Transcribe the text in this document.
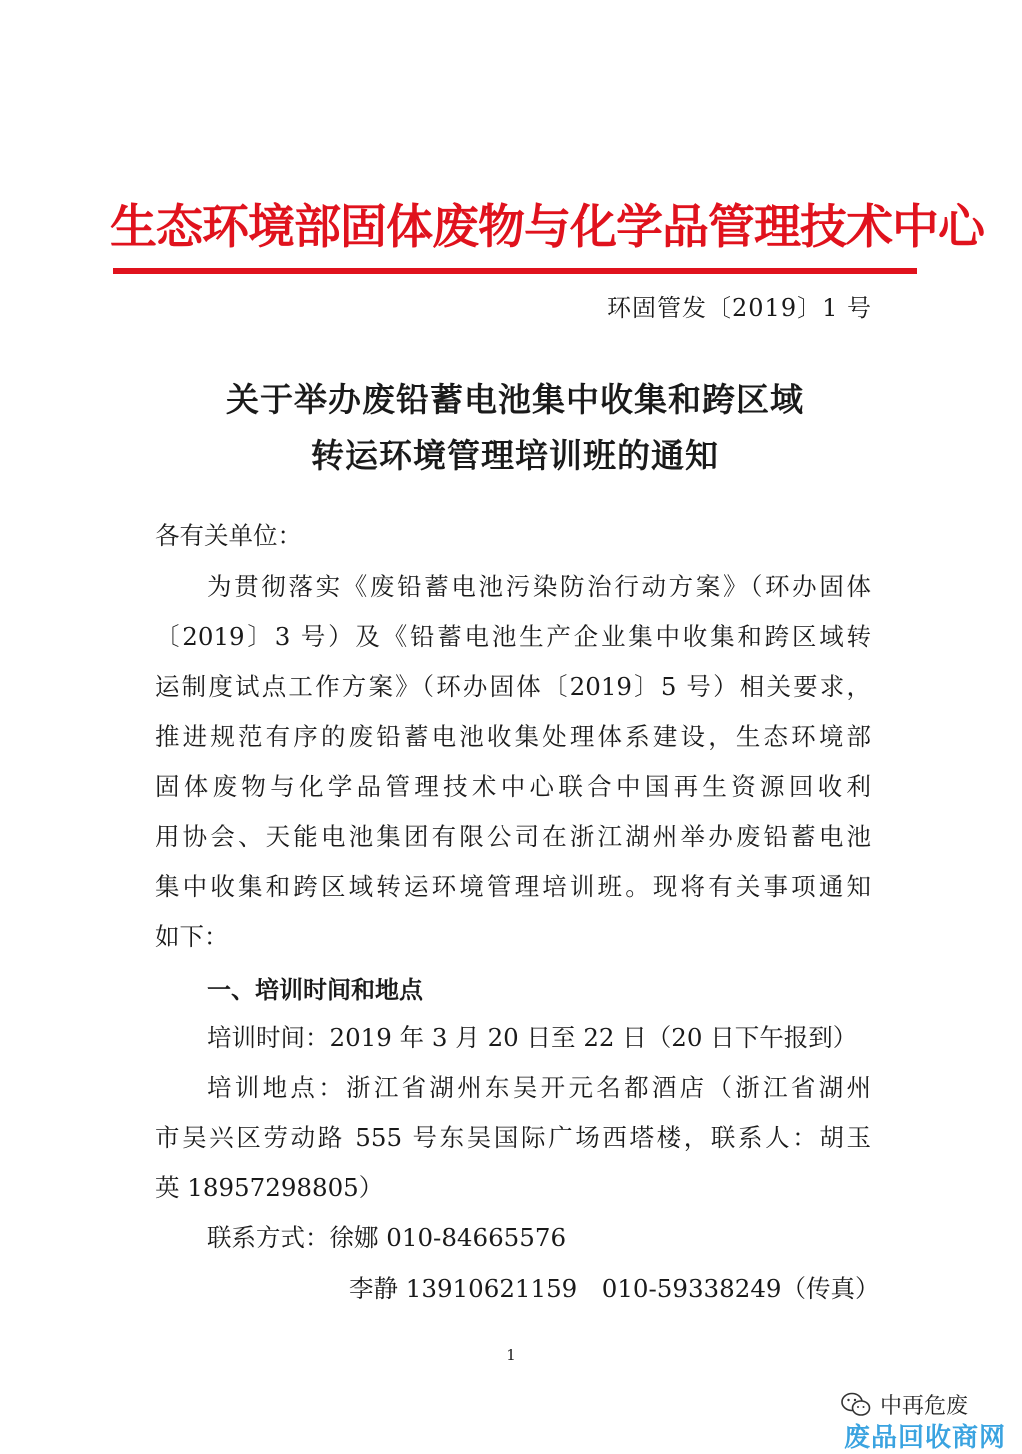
生态环境部固体废物与化学品管理技术中心
环固管发〔2019〕1 号
关于举办废铅蓄电池集中收集和跨区域
转运环境管理培训班的通知
各有关单位：
为贯彻落实《废铅蓄电池污染防治行动方案》（环办固体
〔2019〕3 号）及《铅蓄电池生产企业集中收集和跨区域转
运制度试点工作方案》（环办固体〔2019〕5 号）相关要求，
推进规范有序的废铅蓄电池收集处理体系建设，生态环境部
固体废物与化学品管理技术中心联合中国再生资源回收利
用协会、天能电池集团有限公司在浙江湖州举办废铅蓄电池
集中收集和跨区域转运环境管理培训班。现将有关事项通知
如下：
一、培训时间和地点
培训时间：2019 年 3 月 20 日至 22 日（20 日下午报到）
培训地点：浙江省湖州东吴开元名都酒店（浙江省湖州
市吴兴区劳动路 555 号东吴国际广场西塔楼，联系人：胡玉
英 18957298805）
联系方式：徐娜 010-84665576
李静 13910621159　010-59338249（传真）
1
中再危废
废品回收商网
